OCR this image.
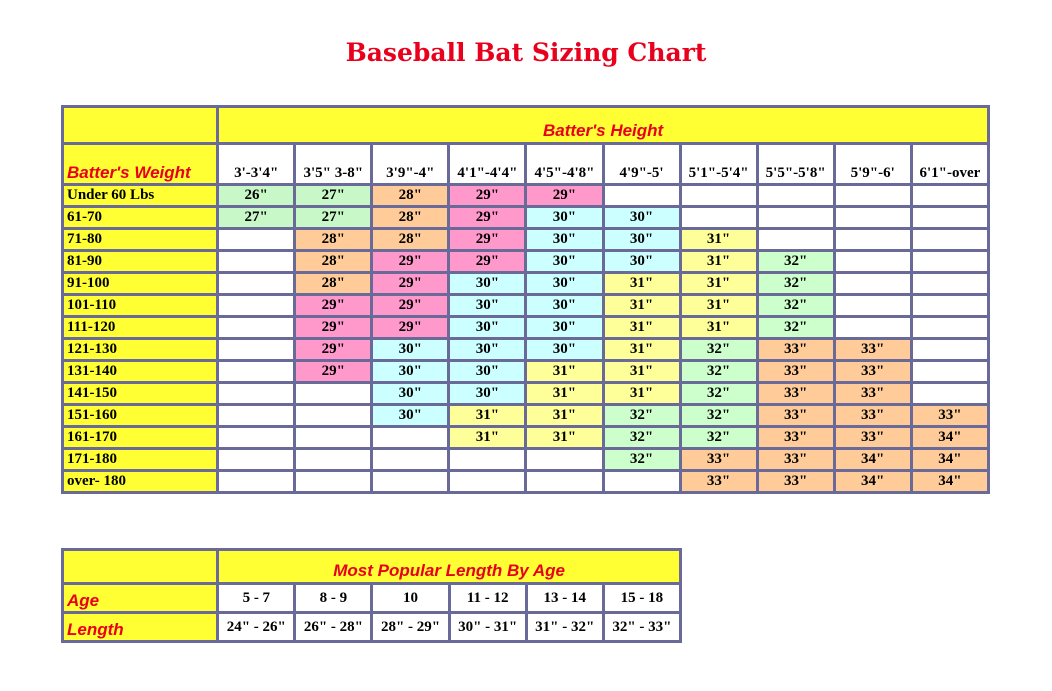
Baseball Bat Sizing Chart
	Batter's Height									
Batter's Weight	3'-3'4"	3'5" 3-8"	3'9"-4"	4'1"-4'4"	4'5"-4'8"	4'9"-5'	5'1"-5'4"	5'5"-5'8"	5'9"-6'	6'1"-over
Under 60 Lbs	26"	27"	28"	29"	29"					
61-70	27"	27"	28"	29"	30"	30"				
71-80		28"	28"	29"	30"	30"	31"			
81-90		28"	29"	29"	30"	30"	31"	32"		
91-100		28"	29"	30"	30"	31"	31"	32"		
101-110		29"	29"	30"	30"	31"	31"	32"		
111-120		29"	29"	30"	30"	31"	31"	32"		
121-130		29"	30"	30"	30"	31"	32"	33"	33"	
131-140		29"	30"	30"	31"	31"	32"	33"	33"	
141-150			30"	30"	31"	31"	32"	33"	33"	
151-160			30"	31"	31"	32"	32"	33"	33"	33"
161-170				31"	31"	32"	32"	33"	33"	34"
171-180						32"	33"	33"	34"	34"
over- 180							33"	33"	34"	34"
	Most Popular Length By Age					
Age	5 - 7	8 - 9	10	11 - 12	13 - 14	15 - 18
Length	24" - 26"	26" - 28"	28" - 29"	30" - 31"	31" - 32"	32" - 33"
